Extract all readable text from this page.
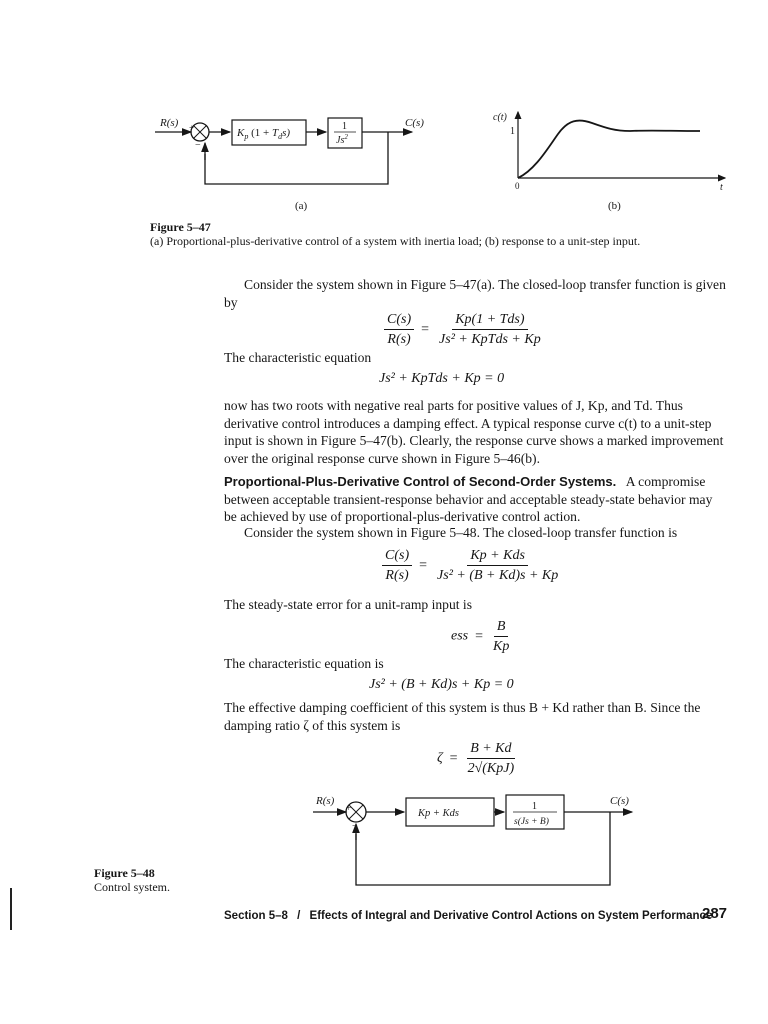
R(s) +
−
$K_p$ $(1 + T_ds)$
1
Js$^2$
C(s)	c(t)
1
0	t
(a)	(b)
Figure 5–47
(a) Proportional-plus-derivative control of a system with inertia load; (b) response to a unit-step input.
Consider the system shown in Figure 5–47(a). The closed-loop transfer function is given by
$\frac{C(s)}{R(s)} = \frac{\text{Kp(1 + Tds)}}{\text{Js² + KpTds + Kp}}$
The characteristic equation
Js² + KpTds + Kp = 0
now has two roots with negative real parts for positive values of J, Kp, and Td. Thus derivative control introduces a damping effect. A typical response curve c(t) to a unit-step input is shown in Figure 5–47(b). Clearly, the response curve shows a marked improvement over the original response curve shown in Figure 5–46(b).
Proportional-Plus-Derivative Control of Second-Order Systems. A compromise between acceptable transient-response behavior and acceptable steady-state behavior may be achieved by use of proportional-plus-derivative control action.
Consider the system shown in Figure 5–48. The closed-loop transfer function is
$\frac{C(s)}{R(s)} = \frac{\text{Kp + Kds}}{\text{Js² + (B + Kd)s + Kp}}$
The steady-state error for a unit-ramp input is
ess = $\frac{B}{Kp}$
The characteristic equation is
Js² + (B + Kd)s + Kp = 0
The effective damping coefficient of this system is thus B + Kd rather than B. Since the damping ratio ζ of this system is
$\zeta = \frac{B + Kd}{\text{2√(KpJ)}}$
R(s)
+
−
Kp + Kds
1
s(Js + B)
C(s)
Figure 5–48
Control system.
Section 5–8 / Effects of Integral and Derivative Control Actions on System Performance
287
